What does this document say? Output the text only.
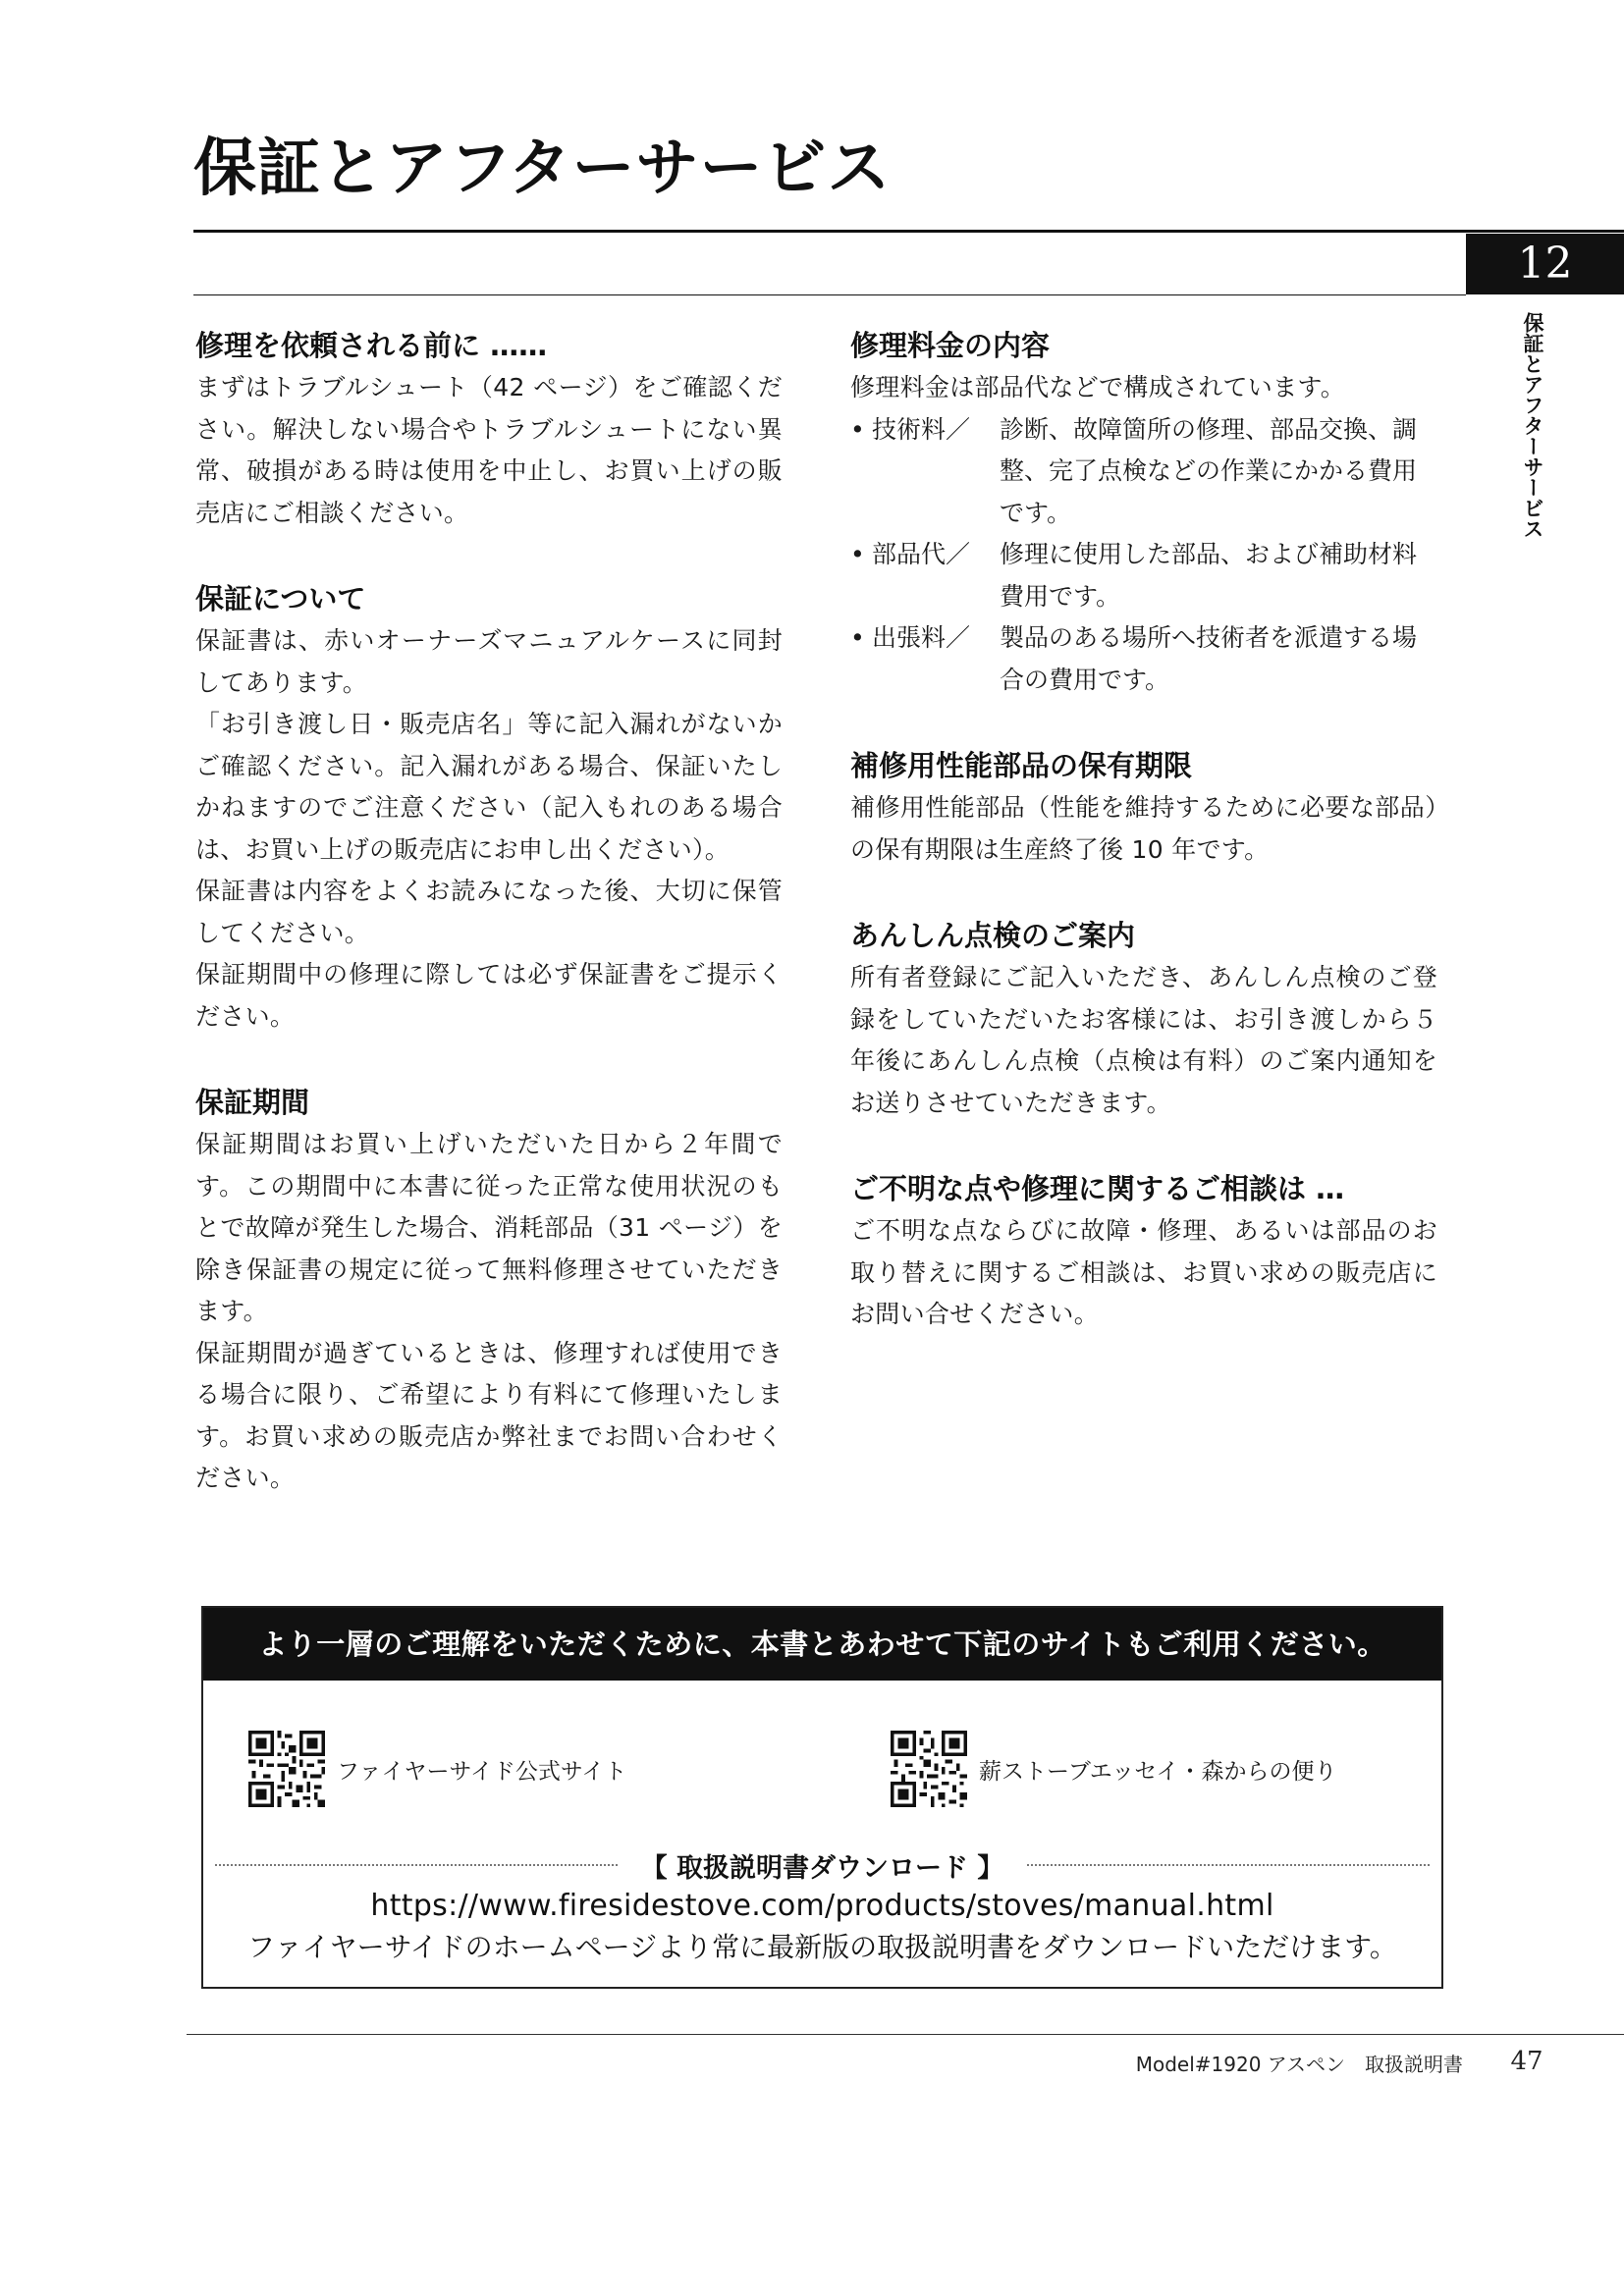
保証とアフターサービス
12
保証とアフターサービス
修理を依頼される前に ……

まずはトラブルシュート（42 ページ）をご確認ください。解決しない場合やトラブルシュートにない異常、破損がある時は使用を中止し、お買い上げの販売店にご相談ください。

保証について

保証書は、赤いオーナーズマニュアルケースに同封してあります。

「お引き渡し日・販売店名」等に記入漏れがないかご確認ください。記入漏れがある場合、保証いたしかねますのでご注意ください（記入もれのある場合は、お買い上げの販売店にお申し出ください）。

保証書は内容をよくお読みになった後、大切に保管してください。

保証期間中の修理に際しては必ず保証書をご提示ください。

保証期間

保証期間はお買い上げいただいた日から２年間です。この期間中に本書に従った正常な使用状況のもとで故障が発生した場合、消耗部品（31 ページ）を除き保証書の規定に従って無料修理させていただきます。

保証期間が過ぎているときは、修理すれば使用できる場合に限り、ご希望により有料にて修理いたします。お買い求めの販売店か弊社までお問い合わせください。

修理料金の内容

修理料金は部品代などで構成されています。

• 技術料／ 診断、故障箇所の修理、部品交換、調整、完了点検などの作業にかかる費用です。
• 部品代／ 修理に使用した部品、および補助材料費用です。
• 出張料／ 製品のある場所へ技術者を派遣する場合の費用です。
補修用性能部品の保有期限

補修用性能部品（性能を維持するために必要な部品）の保有期限は生産終了後 10 年です。

あんしん点検のご案内

所有者登録にご記入いただき、あんしん点検のご登録をしていただいたお客様には、お引き渡しから５年後にあんしん点検（点検は有料）のご案内通知をお送りさせていただきます。

ご不明な点や修理に関するご相談は …

ご不明な点ならびに故障・修理、あるいは部品のお取り替えに関するご相談は、お買い求めの販売店にお問い合せください。

より一層のご理解をいただくために、本書とあわせて下記のサイトもご利用ください。
ファイヤーサイド公式サイト	薪ストーブエッセイ・森からの便り
【 取扱説明書ダウンロード 】
https://www.firesidestove.com/products/stoves/manual.html
ファイヤーサイドのホームページより常に最新版の取扱説明書をダウンロードいただけます。
Model#1920 アスペン　取扱説明書	47
